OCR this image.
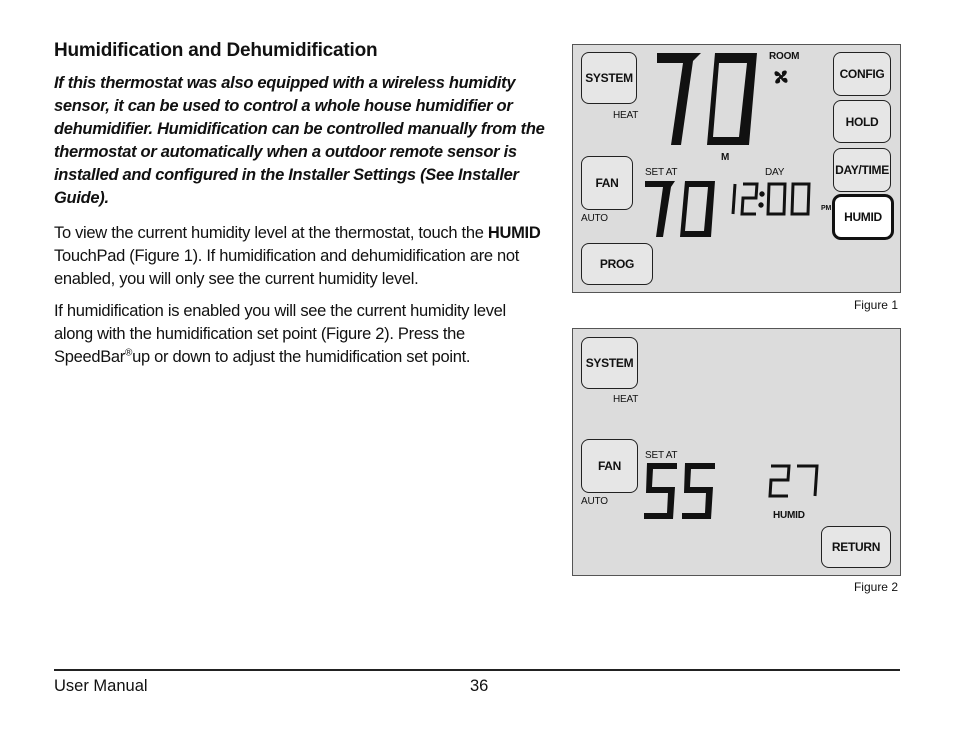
Humidification and Dehumidification

If this thermostat was also equipped with a wireless humidity sensor, it can be used to control a whole house humidifier or dehumidifier. Humidification can be controlled manually from the thermostat or automatically when a outdoor remote sensor is installed and configured in the Installer Settings (See Installer Guide).

To view the current humidity level at the thermostat, touch the HUMID TouchPad (Figure 1). If humidification and dehumidification are not enabled, you will only see the current humidity level.

If humidification is enabled you will see the current humidity level along with the humidification set point (Figure 2). Press the SpeedBar®up or down to adjust the humidification set point.

SYSTEM
HEAT
FAN
AUTO
PROG
CONFIG
HOLD
DAY/TIME
HUMID
ROOM
M
SET AT	DAY
PM
Figure 1
SYSTEM
HEAT
FAN
AUTO
SET AT
HUMID
RETURN
Figure 2
User Manual	36
